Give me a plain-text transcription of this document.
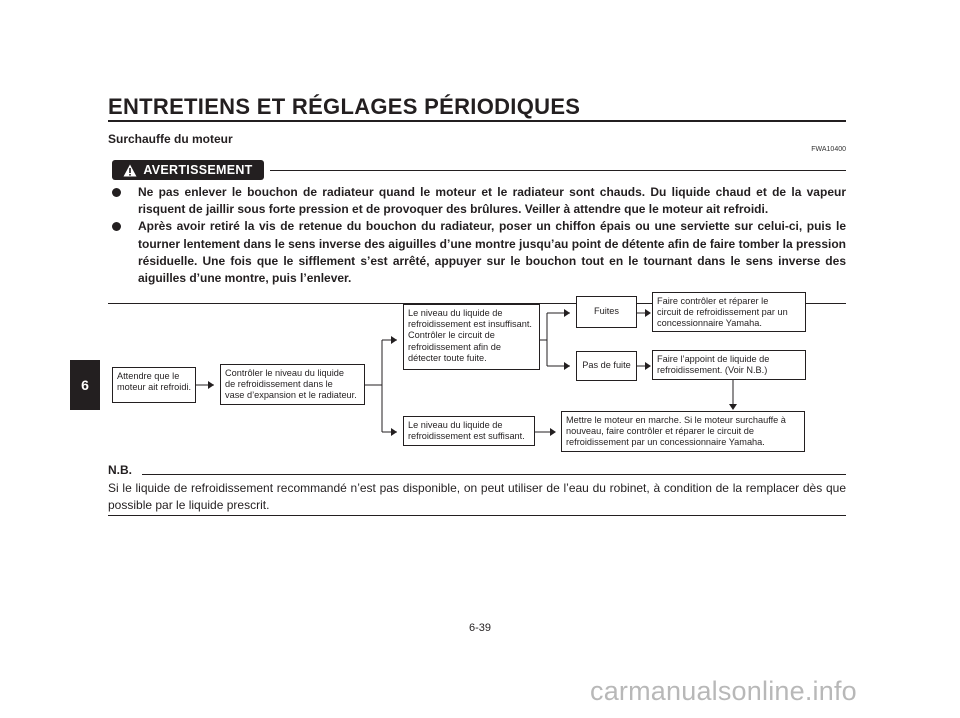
ENTRETIENS ET RÉGLAGES PÉRIODIQUES
Surchauffe du moteur
FWA10400
AVERTISSEMENT
Ne pas enlever le bouchon de radiateur quand le moteur et le radiateur sont chauds. Du liquide chaud et de la vapeur risquent de jaillir sous forte pression et de provoquer des brûlures. Veiller à attendre que le moteur ait refroidi.
Après avoir retiré la vis de retenue du bouchon du radiateur, poser un chiffon épais ou une serviette sur celui-ci, puis le tourner lentement dans le sens inverse des aiguilles d’une montre jusqu’au point de détente afin de faire tomber la pression résiduelle. Une fois que le sifflement s’est arrêté, appuyer sur le bouchon tout en le tournant dans le sens inverse des aiguilles d’une montre, puis l’enlever.
6
Attendre que le
moteur ait refroidi.
Contrôler le niveau du liquide
de refroidissement dans le
vase d’expansion et le radiateur.
Le niveau du liquide de
refroidissement est insuffisant.
Contrôler le circuit de
refroidissement afin de
détecter toute fuite.
Le niveau du liquide de
refroidissement est suffisant.
Fuites
Pas de fuite
Faire contrôler et réparer le
circuit de refroidissement par un
concessionnaire Yamaha.
Faire l’appoint de liquide de
refroidissement. (Voir N.B.)
Mettre le moteur en marche. Si le moteur surchauffe à
nouveau, faire contrôler et réparer le circuit de
refroidissement par un concessionnaire Yamaha.
N.B.
Si le liquide de refroidissement recommandé n’est pas disponible, on peut utiliser de l’eau du robinet, à condition de la remplacer dès que possible par le liquide prescrit.
6-39
carmanualsonline.info
